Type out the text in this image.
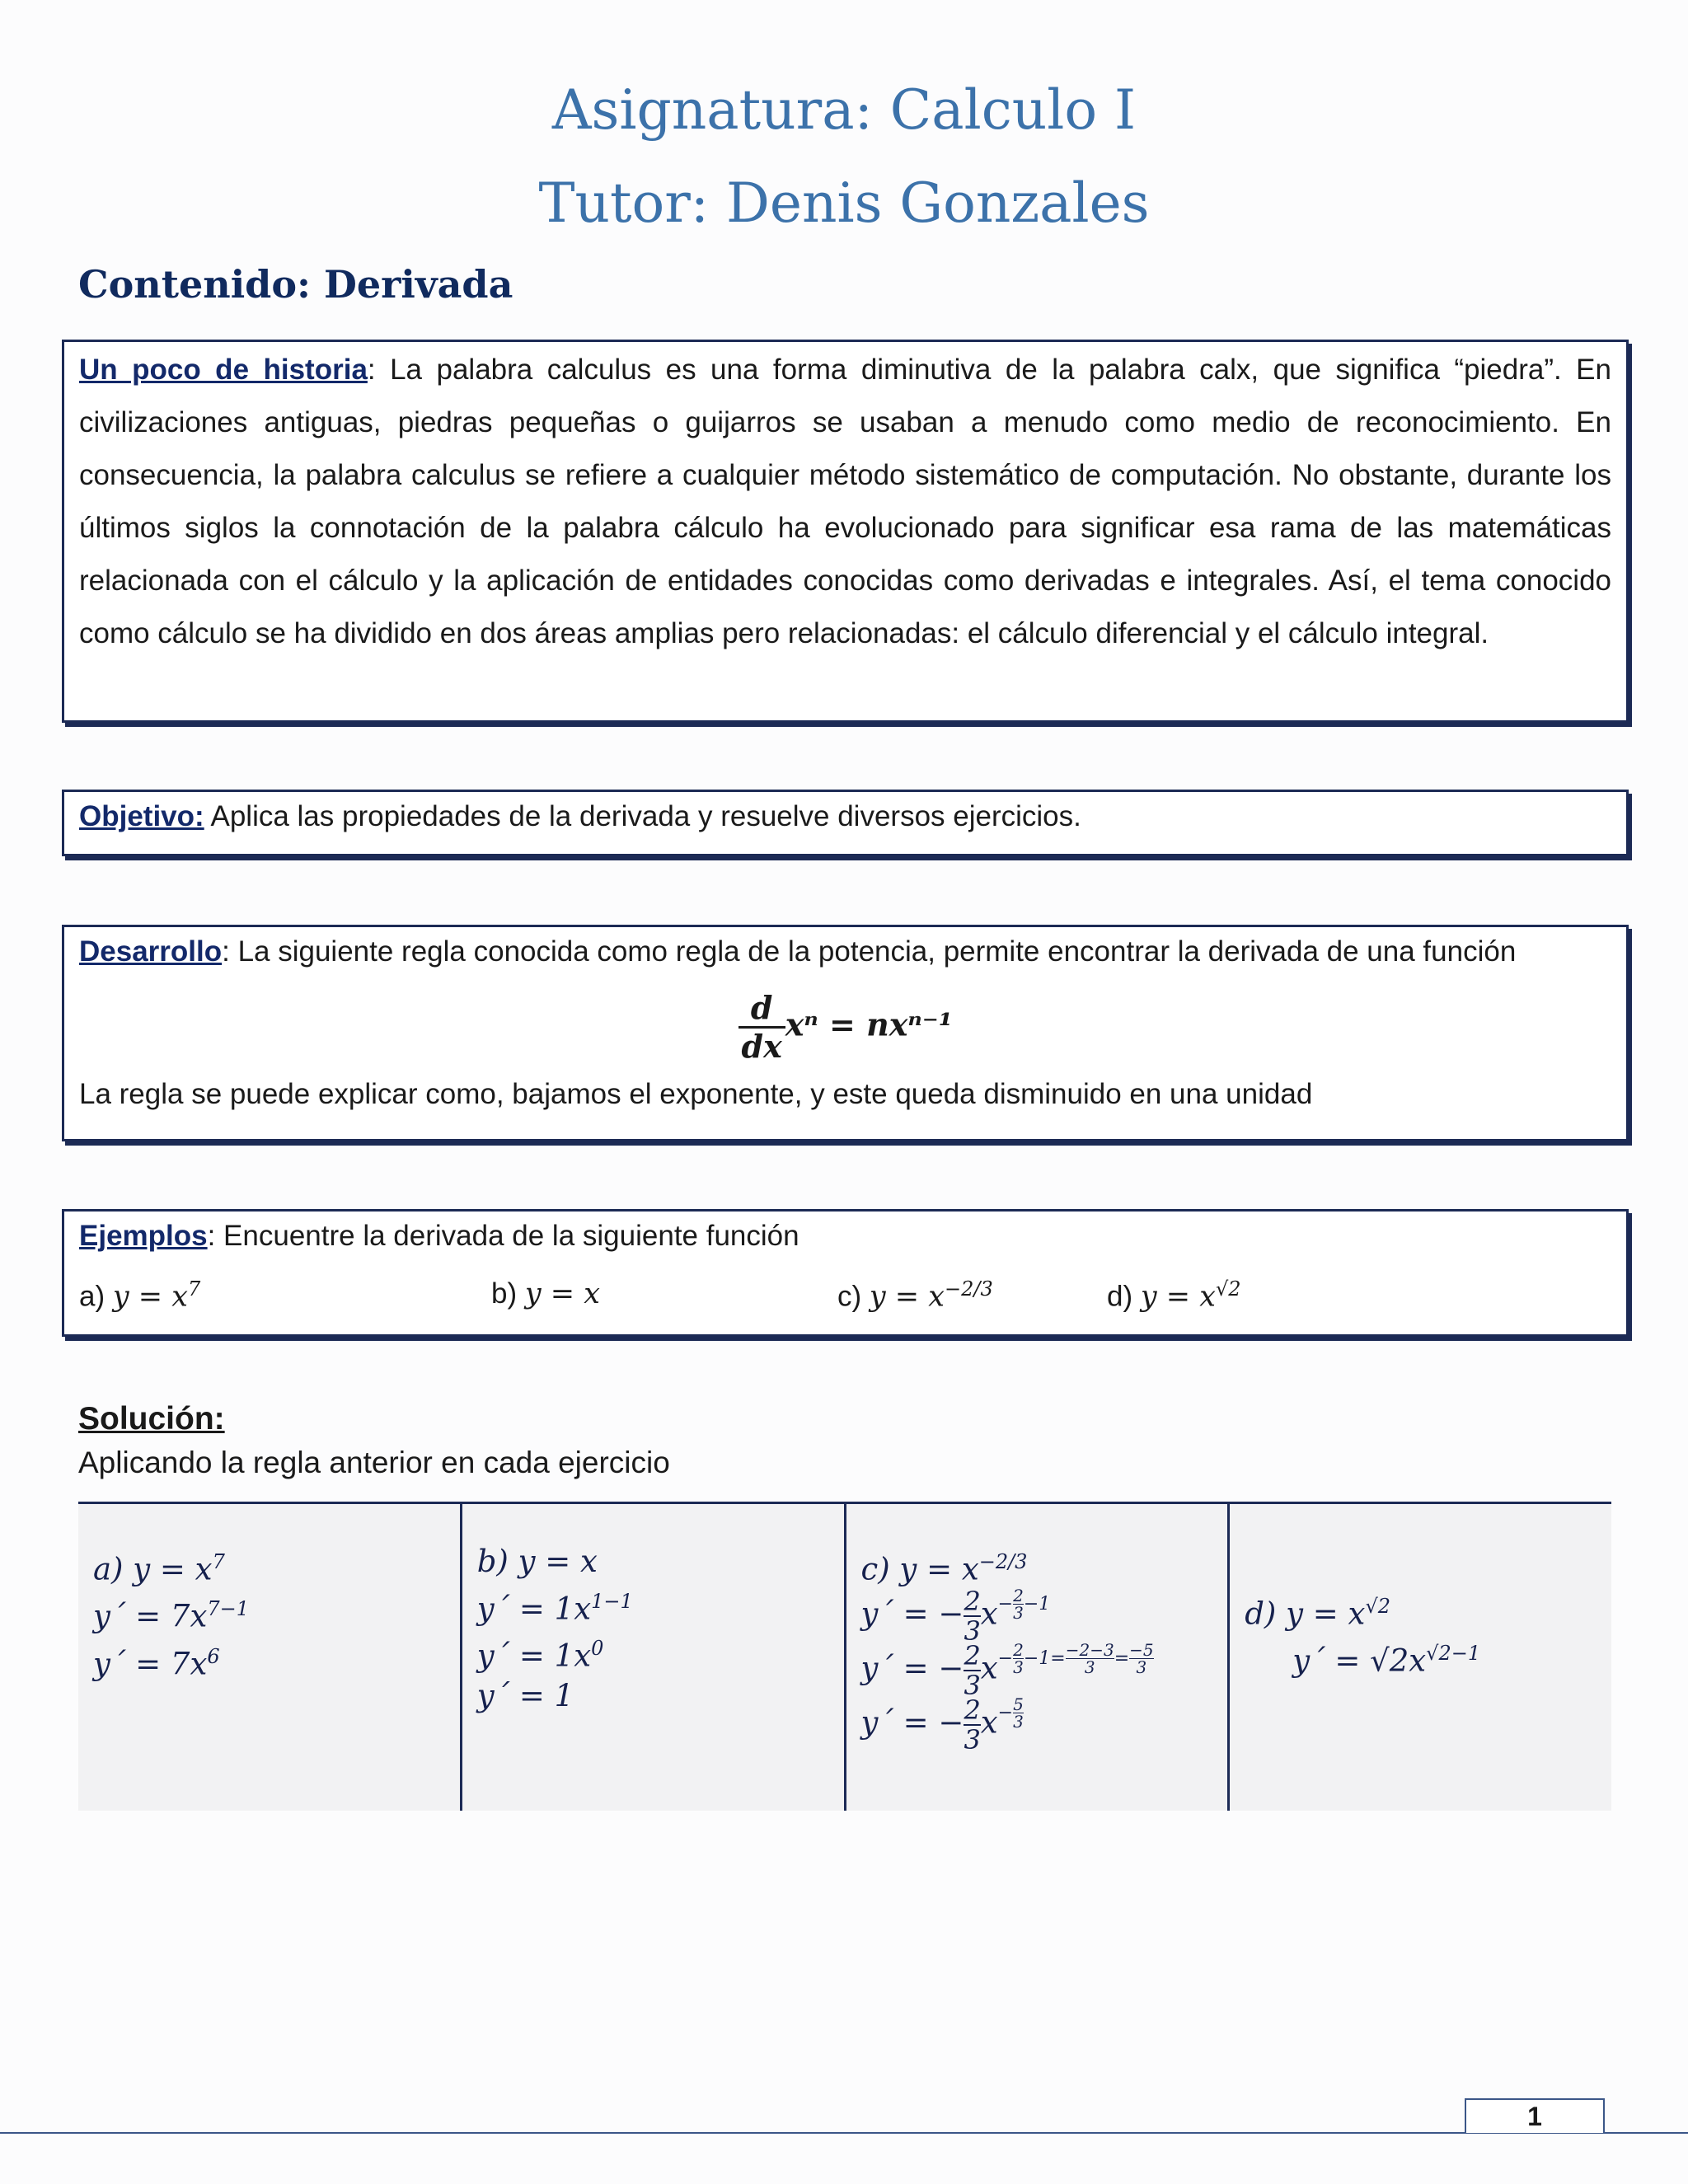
Asignatura: Calculo I
Tutor: Denis Gonzales
Contenido: Derivada
Un poco de historia: La palabra calculus es una forma diminutiva de la palabra calx, que significa “piedra”. En civilizaciones antiguas, piedras pequeñas o guijarros se usaban a menudo como medio de reconocimiento. En consecuencia, la palabra calculus se refiere a cualquier método sistemático de computación. No obstante, durante los últimos siglos la connotación de la palabra cálculo ha evolucionado para significar esa rama de las matemáticas relacionada con el cálculo y la aplicación de entidades conocidas como derivadas e integrales. Así, el tema conocido como cálculo se ha dividido en dos áreas amplias pero relacionadas: el cálculo diferencial y el cálculo integral.
Objetivo: Aplica las propiedades de la derivada y resuelve diversos ejercicios.
Desarrollo: La siguiente regla conocida como regla de la potencia, permite encontrar la derivada de una función
$\frac{d}{dx}$ xⁿ = nxⁿ⁻¹
La regla se puede explicar como, bajamos el exponente, y este queda disminuido en una unidad
Ejemplos: Encuentre la derivada de la siguiente función
a) $y = x^7$	b) y = x	c) $y = x^{-2/3}$	d) $y = x^{√2}$
Solución:
Aplicando la regla anterior en cada ejercicio
a) $y = x^7$
y´ = $7x^{7-1}$
y´ = $7x^6$
b) y = x
y´ = $1x^{1-1}$
y´ = $1x^0$
y´ = 1
c) $y = x^{-2/3}$
y´ = − $\frac{2}{3} x^{- \frac{2}{3} -1}$
y´ = − $\frac{2}{3} x^{- \frac{2}{3} -1= \frac{-2-3}{3} = \frac{-5}{3}}$
y´ = − $\frac{2}{3} x^{- \frac{5}{3}}$
d) $y = x^{√2}$
y´ = $√2x^{√2-1}$
1
